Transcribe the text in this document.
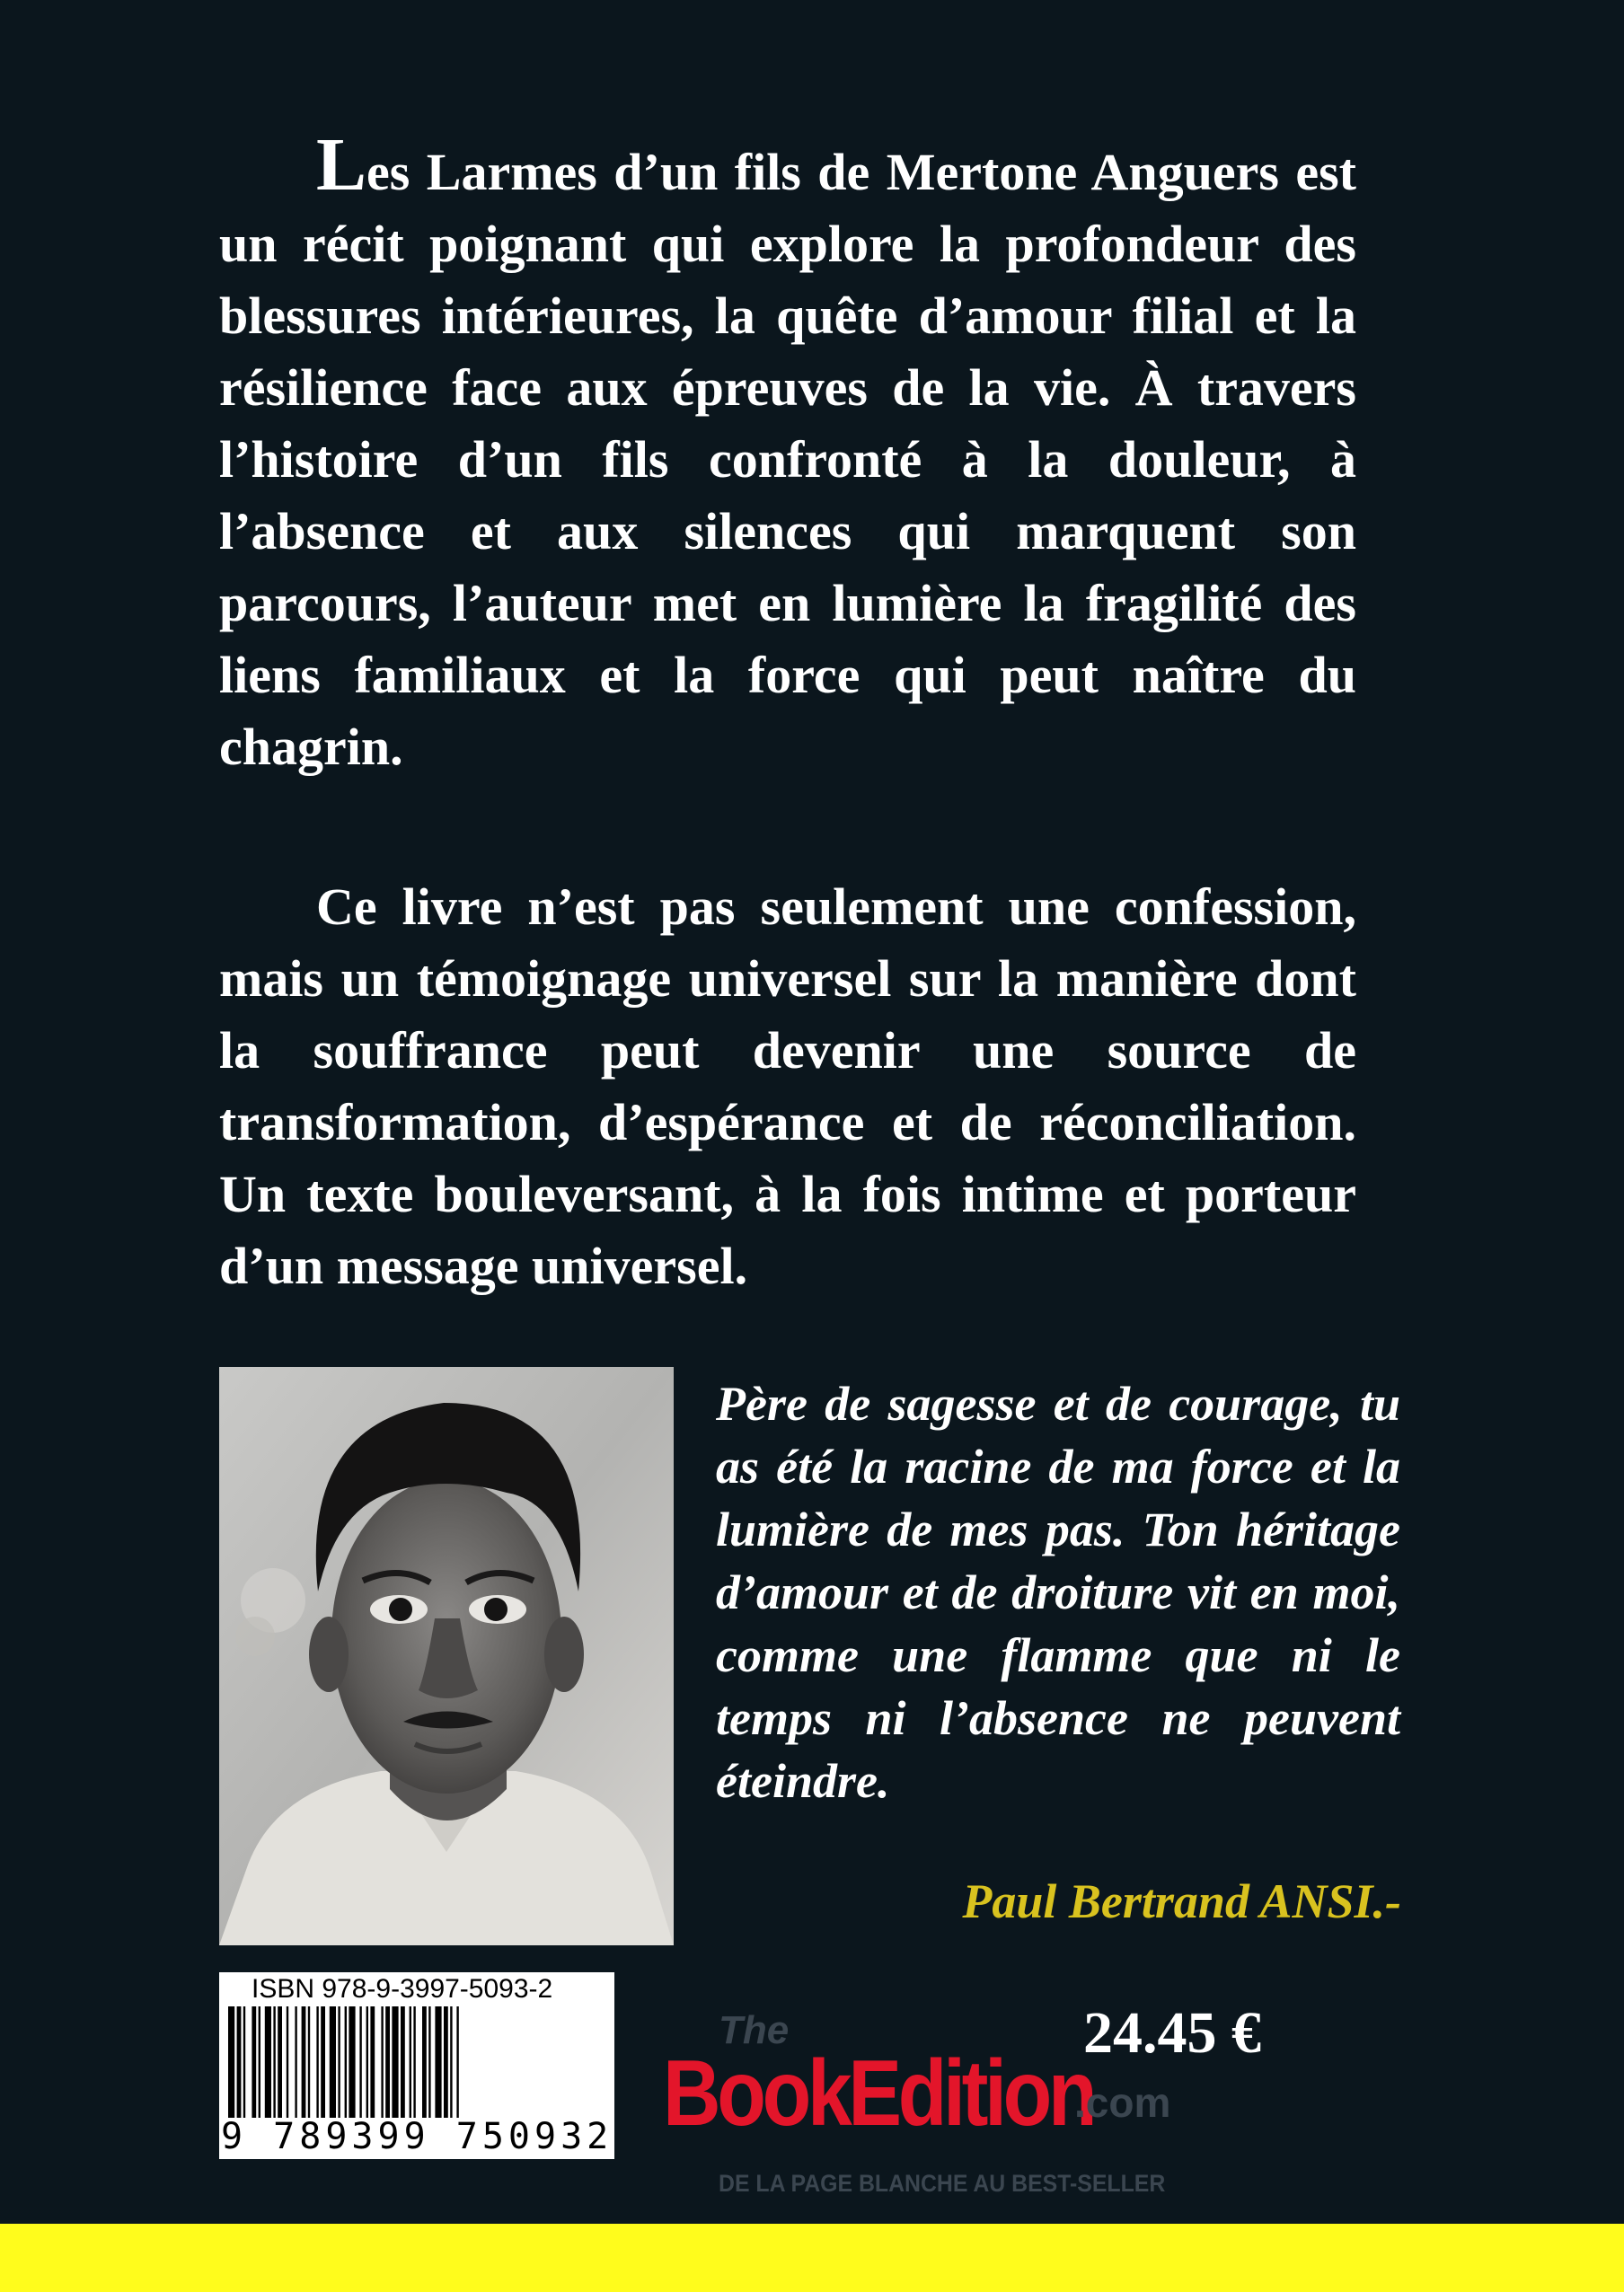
Les Larmes d’un fils de Mertone Anguers est un récit poignant qui explore la profondeur des blessures intérieures, la quête d’amour filial et la résilience face aux épreuves de la vie. À travers l’histoire d’un fils confronté à la douleur, à l’absence et aux silences qui marquent son parcours, l’auteur met en lumière la fragilité des liens familiaux et la force qui peut naître du chagrin.

Ce livre n’est pas seulement une confession, mais un témoignage universel sur la manière dont la souffrance peut devenir une source de transformation, d’espérance et de réconciliation. Un texte bouleversant, à la fois intime et porteur d’un message universel.

Père de sagesse et de courage, tu as été la racine de ma force et la lumière de mes pas. Ton héritage d’amour et de droiture vit en moi, comme une flamme que ni le temps ni l’absence ne peuvent éteindre.

Paul Bertrand ANSI.-
ISBN 978-9-3997-5093-2
9 789399 750932
24.45 €
The
BookEdition
.com
DE LA PAGE BLANCHE AU BEST-SELLER
